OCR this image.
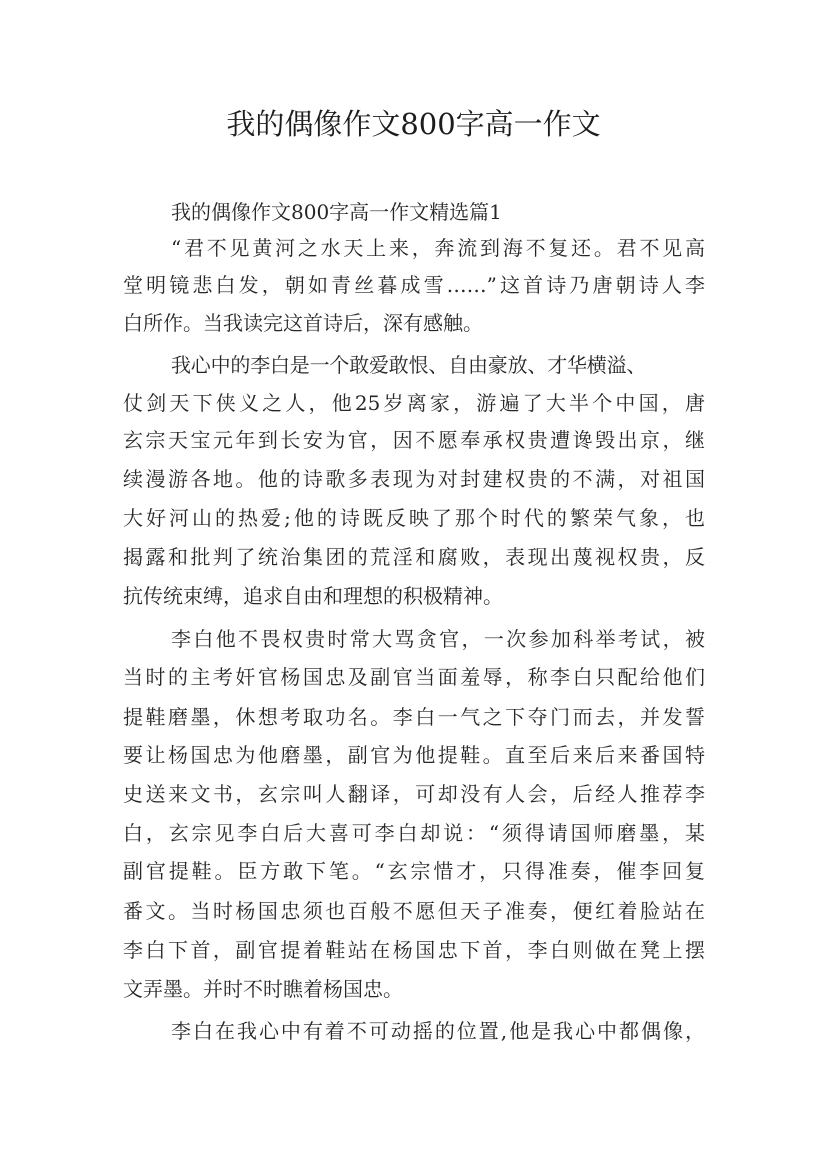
我的偶像作文800字高一作文
我的偶像作文800字高一作文精选篇1
“君不见黄河之水天上来，奔流到海不复还。君不见高
堂明镜悲白发，朝如青丝暮成雪……”这首诗乃唐朝诗人李
白所作。当我读完这首诗后，深有感触。
我心中的李白是一个敢爱敢恨、自由豪放、才华横溢、
仗剑天下侠义之人，他25岁离家，游遍了大半个中国，唐
玄宗天宝元年到长安为官，因不愿奉承权贵遭谗毁出京，继
续漫游各地。他的诗歌多表现为对封建权贵的不满，对祖国
大好河山的热爱;他的诗既反映了那个时代的繁荣气象，也
揭露和批判了统治集团的荒淫和腐败，表现出蔑视权贵，反
抗传统束缚，追求自由和理想的积极精神。
李白他不畏权贵时常大骂贪官，一次参加科举考试，被
当时的主考奸官杨国忠及副官当面羞辱，称李白只配给他们
提鞋磨墨，休想考取功名。李白一气之下夺门而去，并发誓
要让杨国忠为他磨墨，副官为他提鞋。直至后来后来番国特
史送来文书，玄宗叫人翻译，可却没有人会，后经人推荐李
白，玄宗见李白后大喜可李白却说：“须得请国师磨墨，某
副官提鞋。臣方敢下笔。“玄宗惜才，只得准奏，催李回复
番文。当时杨国忠须也百般不愿但天子准奏，便红着脸站在
李白下首，副官提着鞋站在杨国忠下首，李白则做在凳上摆
文弄墨。并时不时瞧着杨国忠。
李白在我心中有着不可动摇的位置,他是我心中都偶像，
